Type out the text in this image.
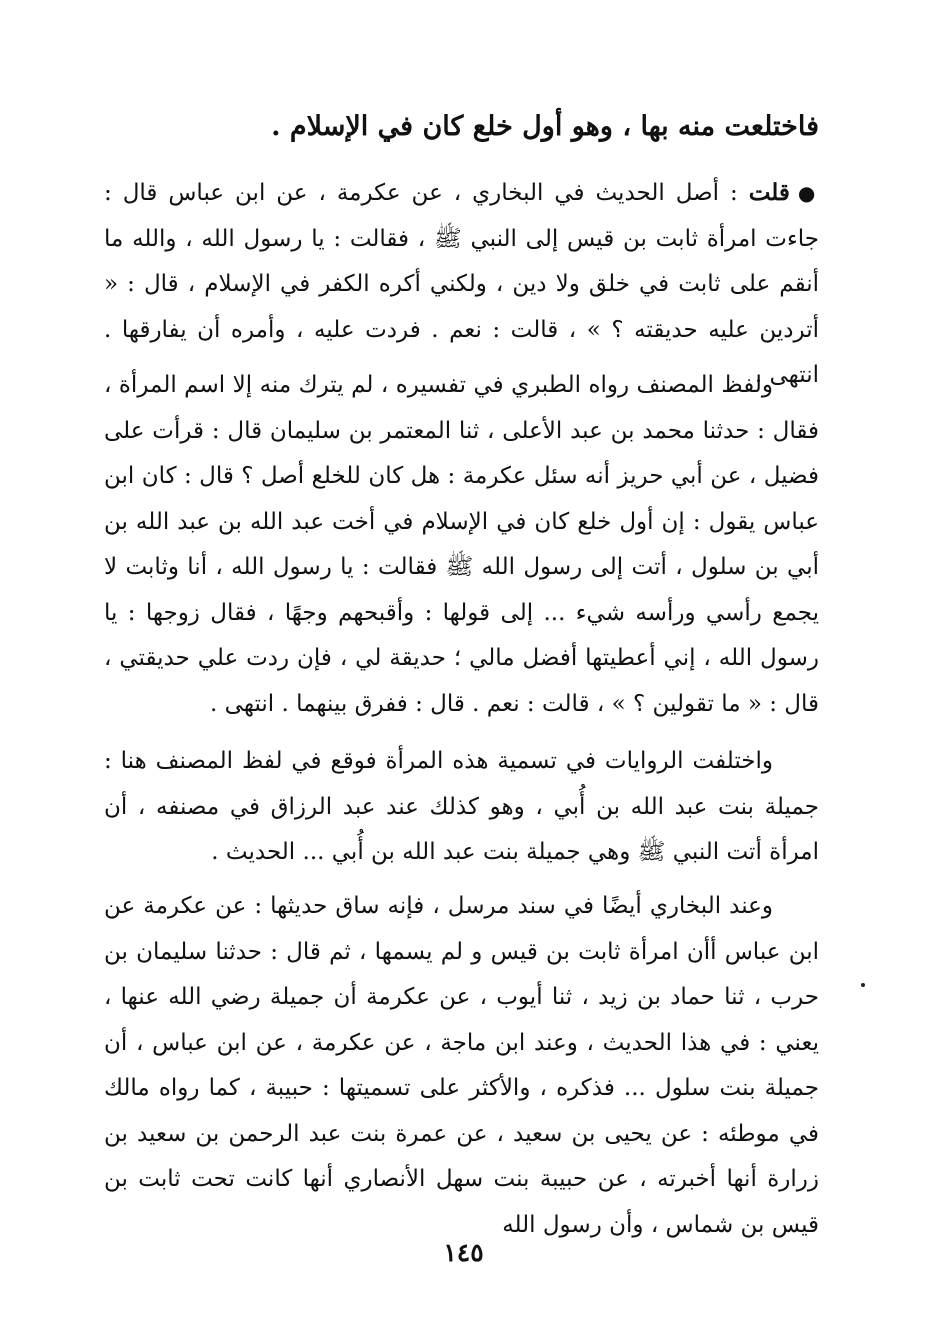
فاختلعت منه بها ، وهو أول خلع كان في الإسلام .

●قلت : أصل الحديث في البخاري ، عن عكرمة ، عن ابن عباس قال : جاءت امرأة ثابت بن قيس إلى النبي ﷺ ، فقالت : يا رسول الله ، والله ما أنقم على ثابت في خلق ولا دين ، ولكني أكره الكفر في الإسلام ، قال : « أتردين عليه حديقته ؟ » ، قالت : نعم . فردت عليه ، وأمره أن يفارقها . انتهى .

ولفظ المصنف رواه الطبري في تفسيره ، لم يترك منه إلا اسم المرأة ، فقال : حدثنا محمد بن عبد الأعلى ، ثنا المعتمر بن سليمان قال : قرأت على فضيل ، عن أبي حريز أنه سئل عكرمة : هل كان للخلع أصل ؟ قال : كان ابن عباس يقول : إن أول خلع كان في الإسلام في أخت عبد الله بن عبد الله بن أبي بن سلول ، أتت إلى رسول الله ﷺ فقالت : يا رسول الله ، أنا وثابت لا يجمع رأسي ورأسه شيء ... إلى قولها : وأقبحهم وجهًا ، فقال زوجها : يا رسول الله ، إني أعطيتها أفضل مالي ؛ حديقة لي ، فإن ردت علي حديقتي ، قال : « ما تقولين ؟ » ، قالت : نعم . قال : ففرق بينهما . انتهى .

واختلفت الروايات في تسمية هذه المرأة فوقع في لفظ المصنف هنا : جميلة بنت عبد الله بن أُبي ، وهو كذلك عند عبد الرزاق في مصنفه ، أن امرأة أتت النبي ﷺ وهي جميلة بنت عبد الله بن أُبي ... الحديث .

وعند البخاري أيضًا في سند مرسل ، فإنه ساق حديثها : عن عكرمة عن ابن عباس أأن امرأة ثابت بن قيس و لم يسمها ، ثم قال : حدثنا سليمان بن حرب ، ثنا حماد بن زيد ، ثنا أيوب ، عن عكرمة أن جميلة رضي الله عنها ، يعني : في هذا الحديث ، وعند ابن ماجة ، عن عكرمة ، عن ابن عباس ، أن جميلة بنت سلول ... فذكره ، والأكثر على تسميتها : حبيبة ، كما رواه مالك في موطئه : عن يحيى بن سعيد ، عن عمرة بنت عبد الرحمن بن سعيد بن زرارة أنها أخبرته ، عن حبيبة بنت سهل الأنصاري أنها كانت تحت ثابت بن قيس بن شماس ، وأن رسول الله

١٤٥
